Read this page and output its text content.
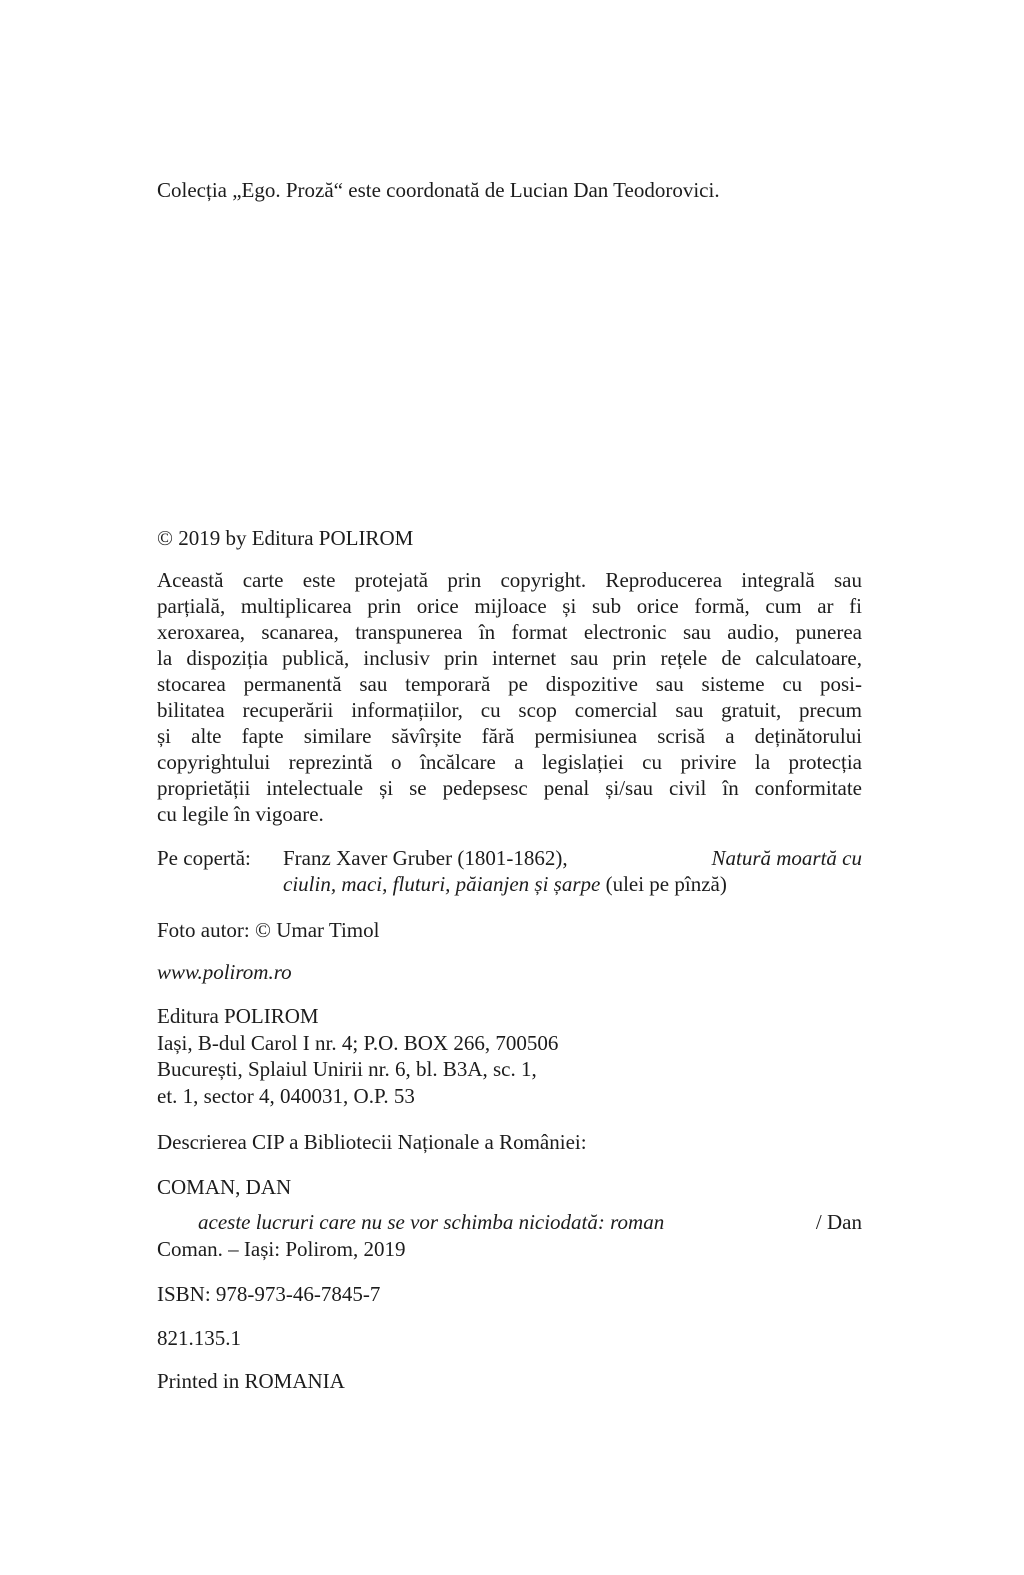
Colecția „Ego. Proză“ este coordonată de Lucian Dan Teodorovici.
© 2019 by Editura POLIROM
Această carte este protejată prin copyright. Reproducerea integrală sau
parțială, multiplicarea prin orice mijloace și sub orice formă, cum ar fi
xeroxarea, scanarea, transpunerea în format electronic sau audio, punerea
la dispoziția publică, inclusiv prin internet sau prin rețele de calculatoare,
stocarea permanentă sau temporară pe dispozitive sau sisteme cu posi-
bilitatea recuperării informațiilor, cu scop comercial sau gratuit, precum
și alte fapte similare săvîrșite fără permisiunea scrisă a deținătorului
copyrightului reprezintă o încălcare a legislației cu privire la protecția
proprietății intelectuale și se pedepsesc penal și/sau civil în conformitate
cu legile în vigoare.
Pe copertă: Franz Xaver Gruber (1801-1862),	Natură moartă cu
ciulin, maci, fluturi, păianjen și șarpe (ulei pe pînză)
Foto autor: © Umar Timol
www.polirom.ro
Editura POLIROM
Iași, B-dul Carol I nr. 4; P.O. BOX 266, 700506
București, Splaiul Unirii nr. 6, bl. B3A, sc. 1,
et. 1, sector 4, 040031, O.P. 53
Descrierea CIP a Bibliotecii Naționale a României:
COMAN, DAN
aceste lucruri care nu se vor schimba niciodată: roman	/ Dan
Coman. – Iași: Polirom, 2019
ISBN: 978-973-46-7845-7
821.135.1
Printed in ROMANIA
